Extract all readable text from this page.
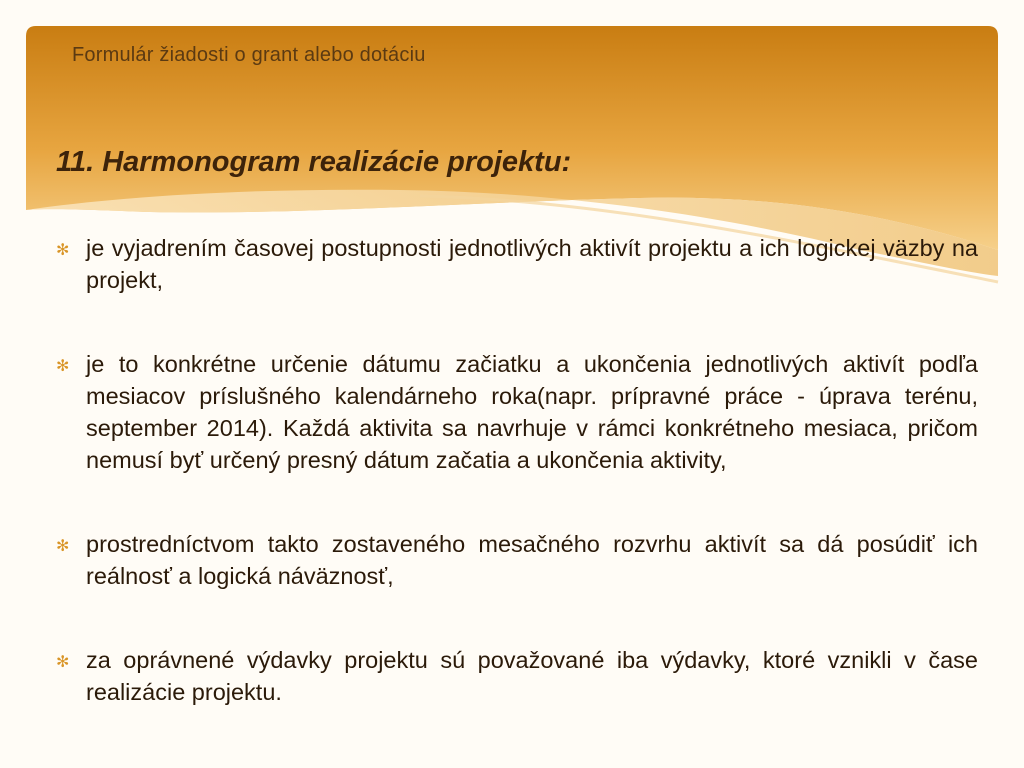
Formulár žiadosti o grant alebo dotáciu
11. Harmonogram realizácie projektu:
✻ je vyjadrením časovej postupnosti jednotlivých aktivít projektu a ich logickej väzby na projekt,
✻ je to konkrétne určenie dátumu začiatku a ukončenia jednotlivých aktivít podľa mesiacov príslušného kalendárneho roka(napr. prípravné práce - úprava terénu, september 2014). Každá aktivita sa navrhuje v rámci konkrétneho mesiaca, pričom nemusí byť určený presný dátum začatia a ukončenia aktivity,
✻ prostredníctvom takto zostaveného mesačného rozvrhu aktivít sa dá posúdiť ich reálnosť a logická náväznosť,
✻ za oprávnené výdavky projektu sú považované iba výdavky, ktoré vznikli v čase realizácie projektu.
